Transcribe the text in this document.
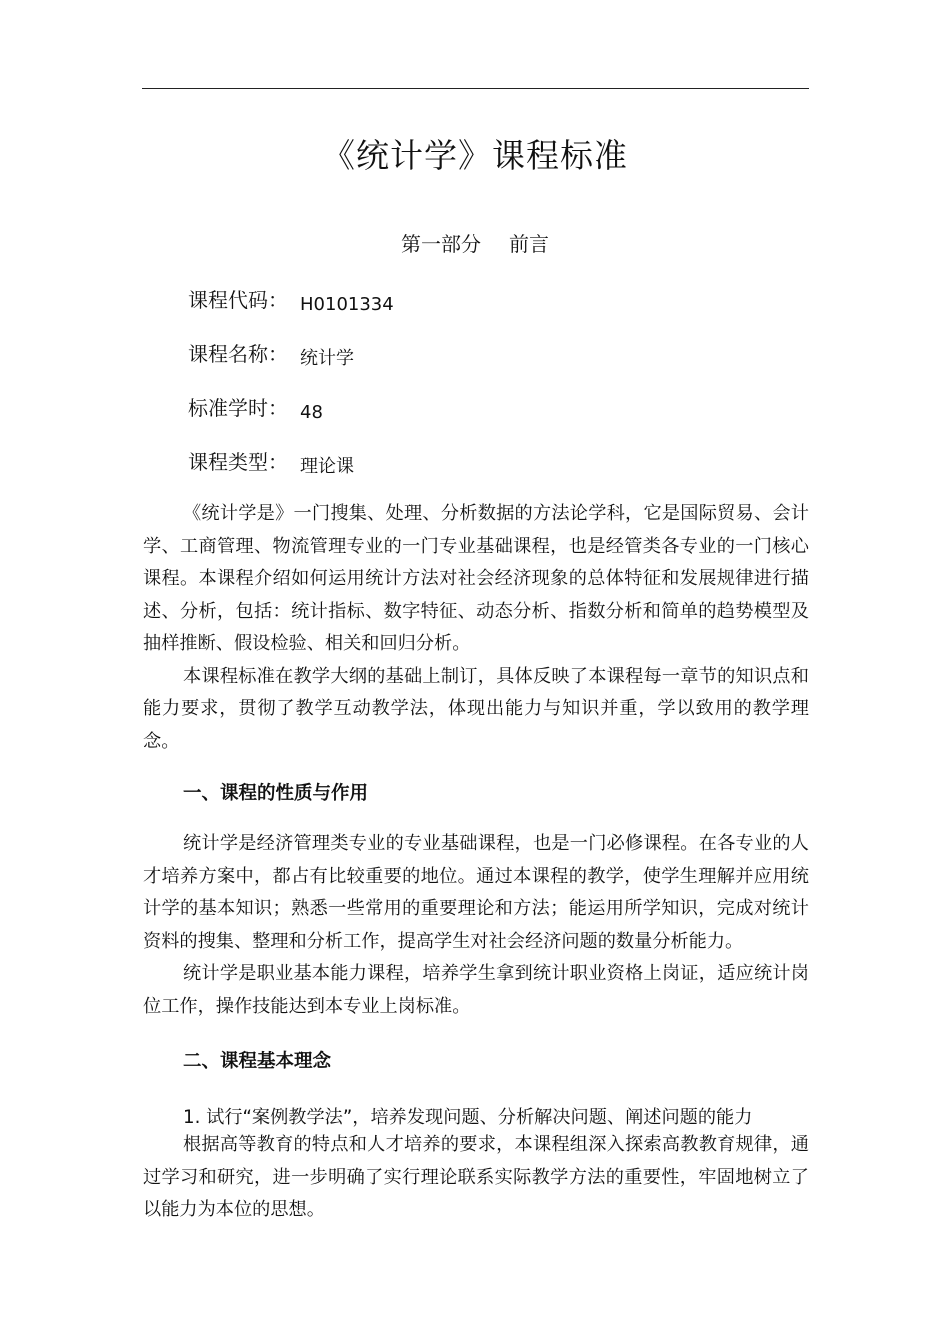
《统计学》课程标准
第一部分 前言
课程代码： H0101334
课程名称： 统计学
标准学时： 48
课程类型： 理论课

《统计学是》一门搜集、处理、分析数据的方法论学科，它是国际贸易、会计学、工商管理、物流管理专业的一门专业基础课程，也是经管类各专业的一门核心课程。本课程介绍如何运用统计方法对社会经济现象的总体特征和发展规律进行描述、分析，包括：统计指标、数字特征、动态分析、指数分析和简单的趋势模型及抽样推断、假设检验、相关和回归分析。

本课程标准在教学大纲的基础上制订，具体反映了本课程每一章节的知识点和能力要求，贯彻了教学互动教学法，体现出能力与知识并重，学以致用的教学理念。

一、课程的性质与作用

统计学是经济管理类专业的专业基础课程，也是一门必修课程。在各专业的人才培养方案中，都占有比较重要的地位。通过本课程的教学，使学生理解并应用统计学的基本知识；熟悉一些常用的重要理论和方法；能运用所学知识，完成对统计资料的搜集、整理和分析工作，提高学生对社会经济问题的数量分析能力。

统计学是职业基本能力课程，培养学生拿到统计职业资格上岗证，适应统计岗位工作，操作技能达到本专业上岗标准。

二、课程基本理念
1. 试行“案例教学法”，培养发现问题、分析解决问题、阐述问题的能力

根据高等教育的特点和人才培养的要求，本课程组深入探索高教教育规律，通过学习和研究，进一步明确了实行理论联系实际教学方法的重要性，牢固地树立了以能力为本位的思想。
